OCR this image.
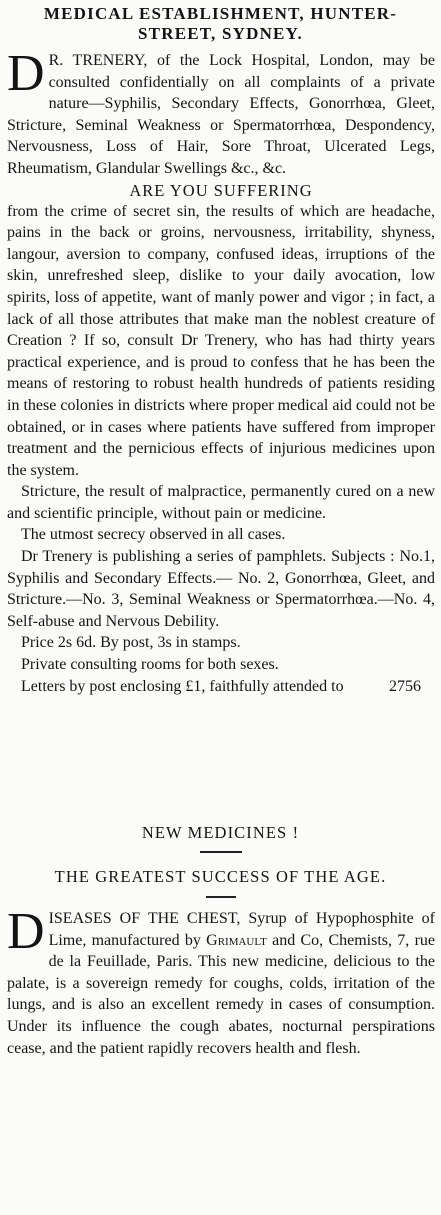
MEDICAL ESTABLISHMENT, HUNTER-
STREET, SYDNEY.

D R. TRENERY, of the Lock Hospital, London, may be consulted confidentially on all complaints of a private nature—Syphilis, Secondary Effects, Gonorrhœa, Gleet, Stricture, Seminal Weakness or Spermatorrhœa, Despondency, Nervousness, Loss of Hair, Sore Throat, Ulcerated Legs, Rheumatism, Glandular Swellings &c., &c.

ARE YOU SUFFERING

from the crime of secret sin, the results of which are headache, pains in the back or groins, nervousness, irritability, shyness, langour, aversion to company, confused ideas, irruptions of the skin, unrefreshed sleep, dislike to your daily avocation, low spirits, loss of appetite, want of manly power and vigor ; in fact, a lack of all those attributes that make man the noblest creature of Creation ? If so, consult Dr Trenery, who has had thirty years practical experience, and is proud to confess that he has been the means of restoring to robust health hundreds of patients residing in these colonies in districts where proper medical aid could not be obtained, or in cases where patients have suffered from improper treatment and the pernicious effects of injurious medicines upon the system.

Stricture, the result of malpractice, permanently cured on a new and scientific principle, without pain or medicine.

The utmost secrecy observed in all cases.

Dr Trenery is publishing a series of pamphlets. Subjects : No.1, Syphilis and Secondary Effects.— No. 2, Gonorrhœa, Gleet, and Stricture.—No. 3, Seminal Weakness or Spermatorrhœa.—No. 4, Self-abuse and Nervous Debility.

Price 2s 6d. By post, 3s in stamps.

Private consulting rooms for both sexes.

Letters by post enclosing £1, faithfully attended to	2756
NEW MEDICINES !
THE GREATEST SUCCESS OF THE AGE.

DISEASES OF THE CHEST, Syrup of Hypophosphite of Lime, manufactured by Grimault and Co, Chemists, 7, rue de la Feuillade, Paris. This new medicine, delicious to the palate, is a sovereign remedy for coughs, colds, irritation of the lungs, and is also an excellent remedy in cases of consumption. Under its influence the cough abates, nocturnal perspirations cease, and the patient rapidly recovers health and flesh.
